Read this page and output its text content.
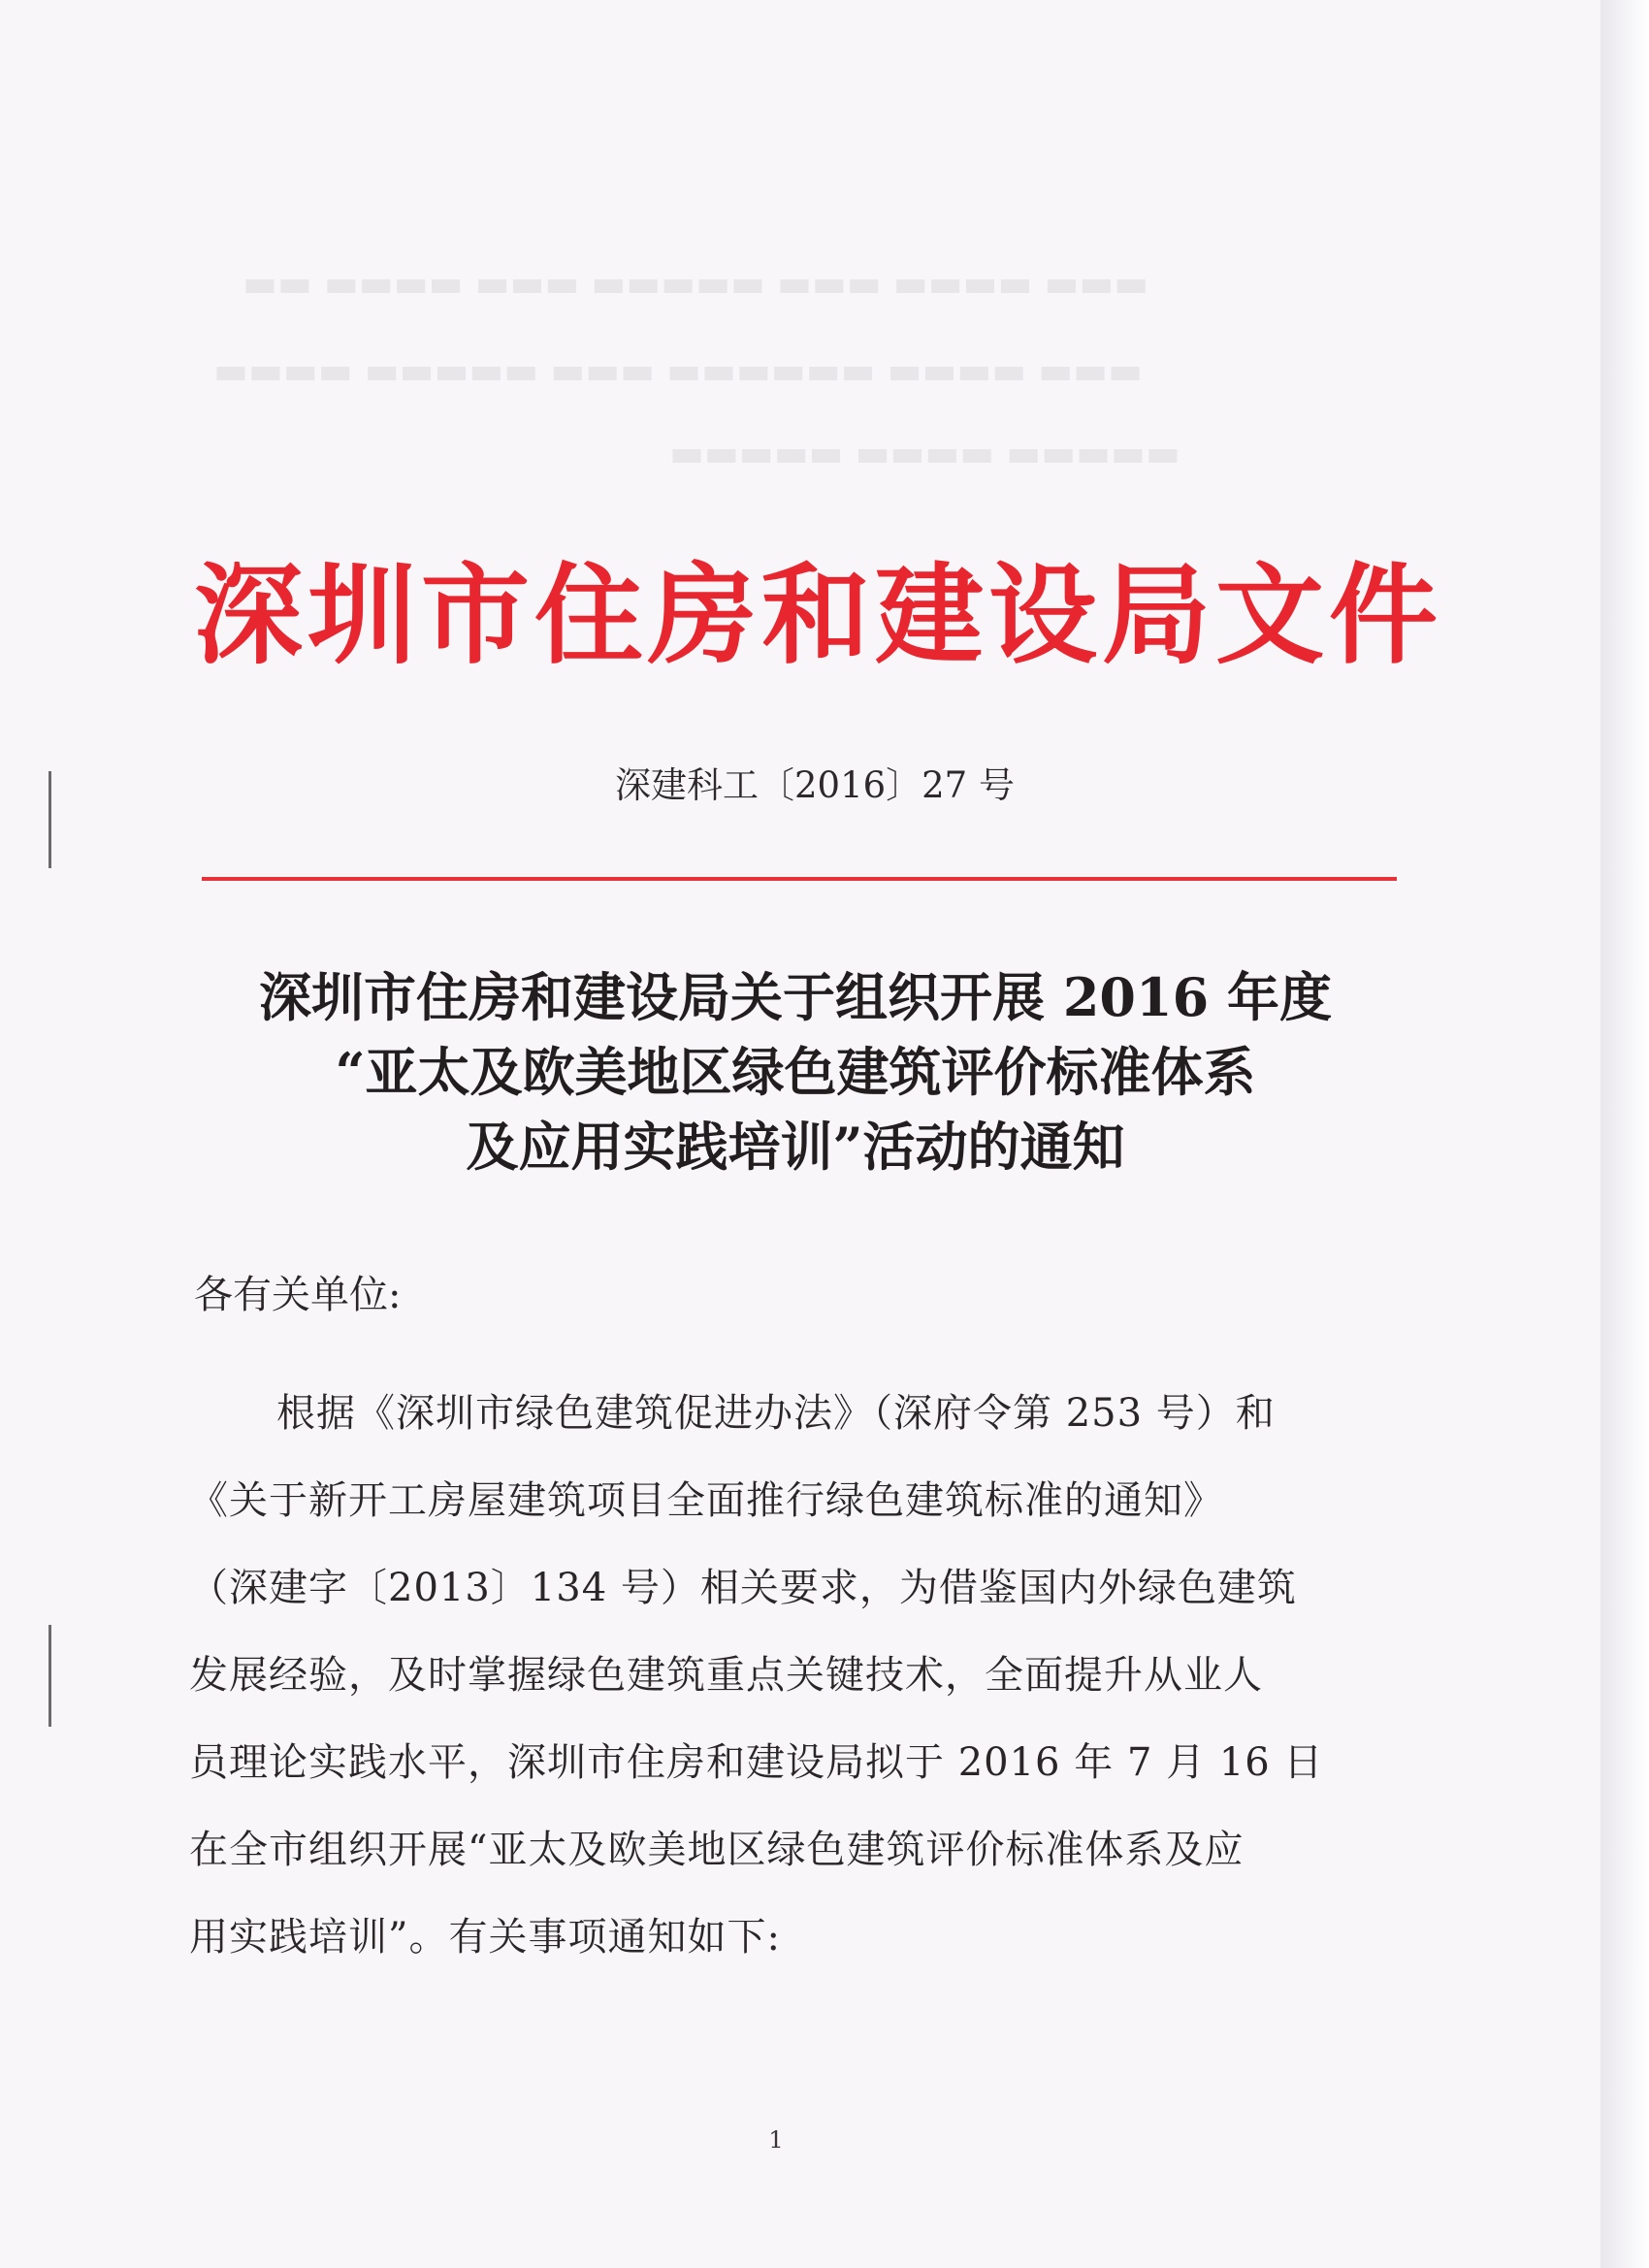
▬▬ ▬▬▬▬ ▬▬▬ ▬▬▬▬▬ ▬▬▬ ▬▬▬▬ ▬▬▬
▬▬▬▬ ▬▬▬▬▬ ▬▬▬ ▬▬▬▬▬▬ ▬▬▬▬ ▬▬▬
▬▬▬▬▬ ▬▬▬▬ ▬▬▬▬▬
深圳市住房和建设局文件
深建科工〔2016〕27 号
深圳市住房和建设局关于组织开展 2016 年度
“亚太及欧美地区绿色建筑评价标准体系
及应用实践培训”活动的通知
各有关单位:
根据《深圳市绿色建筑促进办法》（深府令第 253 号）和
《关于新开工房屋建筑项目全面推行绿色建筑标准的通知》
（深建字〔2013〕134 号）相关要求，为借鉴国内外绿色建筑
发展经验，及时掌握绿色建筑重点关键技术，全面提升从业人
员理论实践水平，深圳市住房和建设局拟于 2016 年 7 月 16 日
在全市组织开展“亚太及欧美地区绿色建筑评价标准体系及应
用实践培训”。有关事项通知如下:
1
